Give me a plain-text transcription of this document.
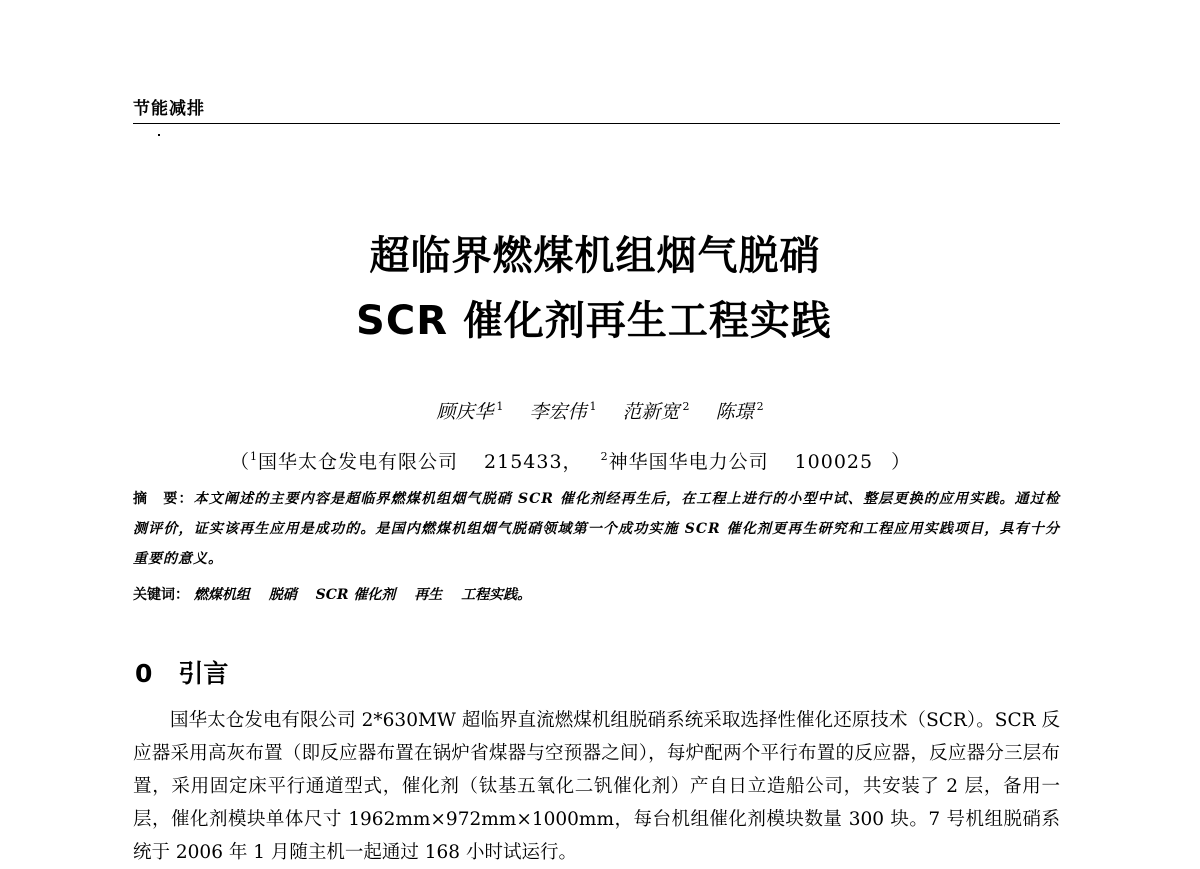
节能减排
超临界燃煤机组烟气脱硝
SCR 催化剂再生工程实践
顾庆华 $^1$ 李宏伟 $^1$ 范新宽 $^2$ 陈璟 $^2$
（$^1$国华太仓发电有限公司 215433， $^2$神华国华电力公司 100025 ）
摘　要：本文阐述的主要内容是超临界燃煤机组烟气脱硝 SCR 催化剂经再生后，在工程上进行的小型中试、整层更换的应用实践。通过检测评价，证实该再生应用是成功的。是国内燃煤机组烟气脱硝领域第一个成功实施 SCR 催化剂更再生研究和工程应用实践项目，具有十分重要的意义。
关键词： 燃煤机组 脱硝 SCR 催化剂 再生 工程实践。
0 引言
国华太仓发电有限公司 2*630MW 超临界直流燃煤机组脱硝系统采取选择性催化还原技术（SCR）。SCR 反应器采用高灰布置（即反应器布置在锅炉省煤器与空预器之间），每炉配两个平行布置的反应器，反应器分三层布置，采用固定床平行通道型式，催化剂（钛基五氧化二钒催化剂）产自日立造船公司，共安装了 2 层，备用一层，催化剂模块单体尺寸 1962mm×972mm×1000mm，每台机组催化剂模块数量 300 块。7 号机组脱硝系统于 2006 年 1 月随主机一起通过 168 小时试运行。
